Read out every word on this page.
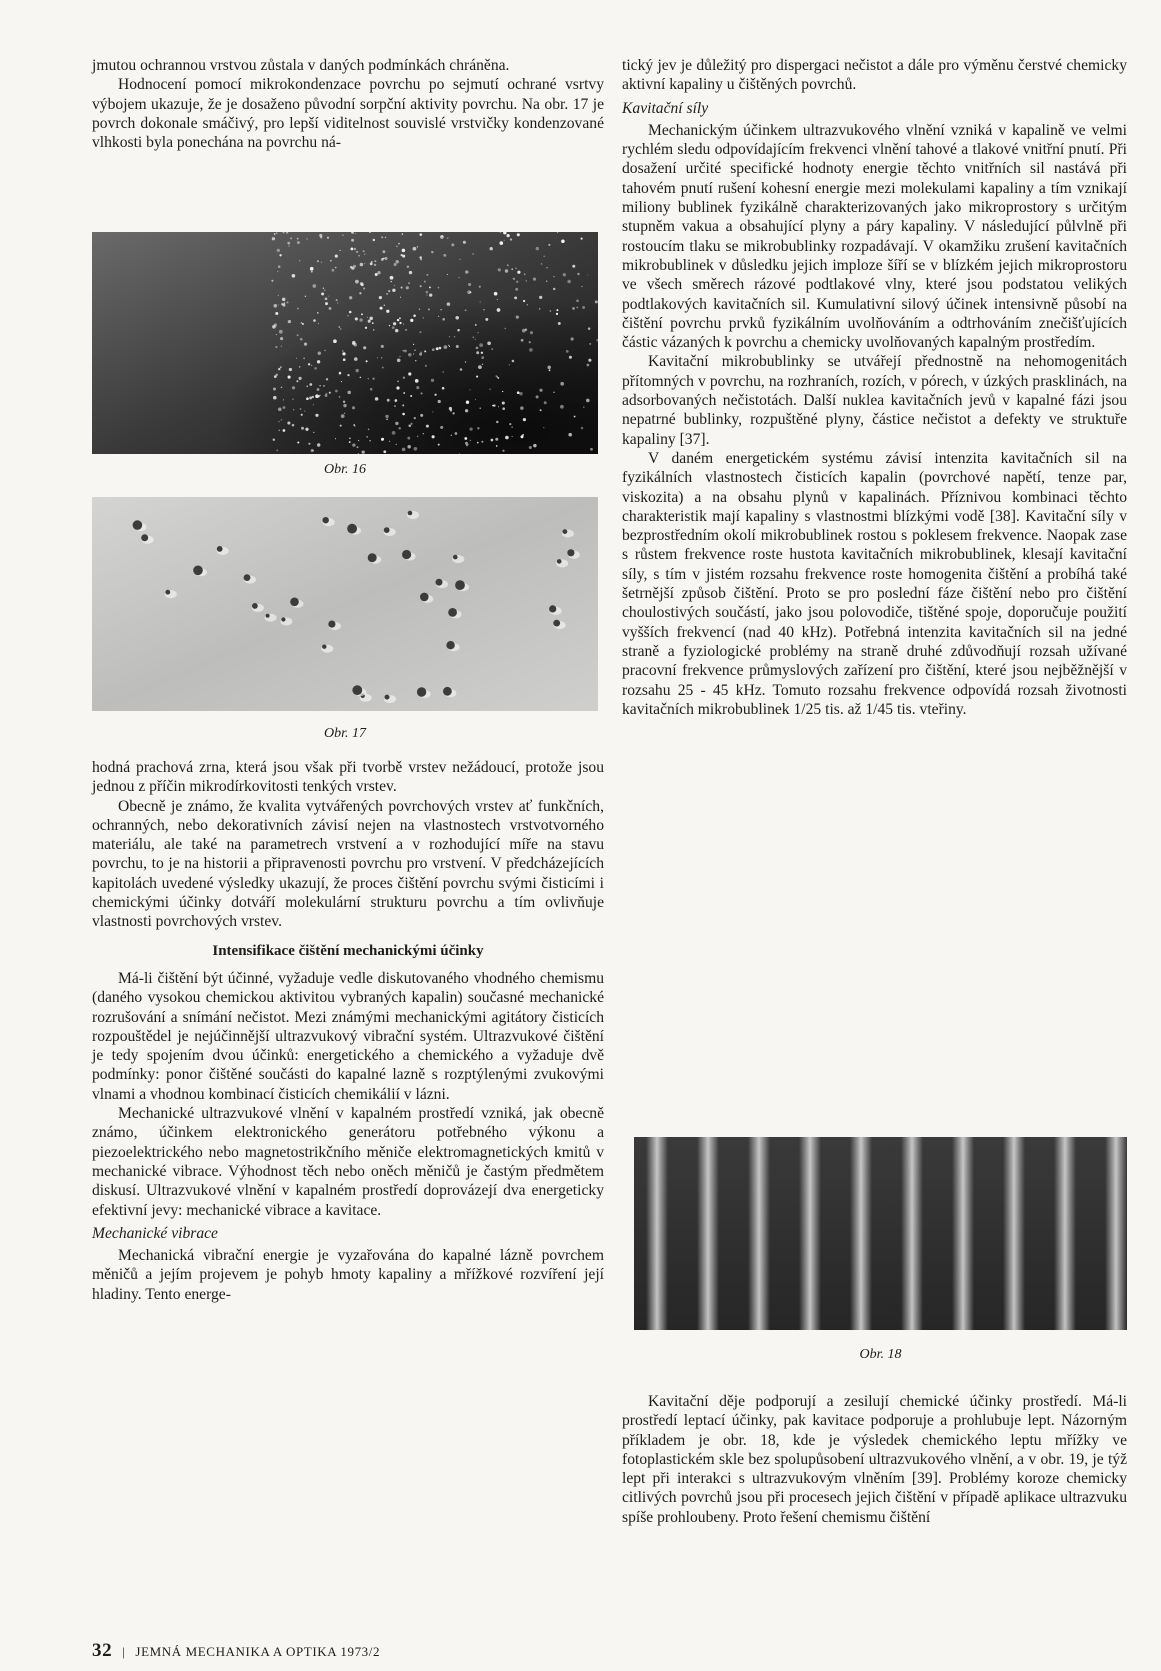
jmutou ochrannou vrstvou zůstala v daných podmínkách chráněna.

Hodnocení pomocí mikrokondenzace povrchu po sejmutí ochrané vsrtvy výbojem ukazuje, že je dosaženo původní sorpční aktivity povrchu. Na obr. 17 je povrch dokonale smáčivý, pro lepší viditelnost souvislé vrstvičky kondenzované vlhkosti byla ponechána na povrchu ná-

Obr. 16
Obr. 17

hodná prachová zrna, která jsou však při tvorbě vrstev nežádoucí, protože jsou jednou z příčin mikrodírkovitosti tenkých vrstev.

Obecně je známo, že kvalita vytvářených povrchových vrstev ať funkčních, ochranných, nebo dekorativních závisí nejen na vlastnostech vrstvotvorného materiálu, ale také na parametrech vrstvení a v rozhodující míře na stavu povrchu, to je na historii a připravenosti povrchu pro vrstvení. V předcházejících kapitolách uvedené výsledky ukazují, že proces čištění povrchu svými čisticími i chemickými účinky dotváří molekulární strukturu povrchu a tím ovlivňuje vlastnosti povrchových vrstev.

Intensifikace čištění mechanickými účinky

Má-li čištění být účinné, vyžaduje vedle diskutovaného vhodného chemismu (daného vysokou chemickou aktivitou vybraných kapalin) současné mechanické rozrušování a snímání nečistot. Mezi známými mechanickými agitátory čisticích rozpouštědel je nejúčinnější ultrazvukový vibrační systém. Ultrazvukové čištění je tedy spojením dvou účinků: energetického a chemického a vyžaduje dvě podmínky: ponor čištěné součásti do kapalné lazně s rozptýlenými zvukovými vlnami a vhodnou kombinací čisticích chemikálií v lázni.

Mechanické ultrazvukové vlnění v kapalném prostředí vzniká, jak obecně známo, účinkem elektronického generátoru potřebného výkonu a piezoelektrického nebo magnetostrikčního měniče elektromagnetických kmitů v mechanické vibrace. Výhodnost těch nebo oněch měničů je častým předmětem diskusí. Ultrazvukové vlnění v kapalném prostředí doprovázejí dva energeticky efektivní jevy: mechanické vibrace a kavitace.

Mechanické vibrace

Mechanická vibrační energie je vyzařována do kapalné lázně povrchem měničů a jejím projevem je pohyb hmoty kapaliny a mřížkové rozvíření její hladiny. Tento energe-

tický jev je důležitý pro dispergaci nečistot a dále pro výměnu čerstvé chemicky aktivní kapaliny u čištěných povrchů.

Kavitační síly

Mechanickým účinkem ultrazvukového vlnění vzniká v kapalině ve velmi rychlém sledu odpovídajícím frekvenci vlnění tahové a tlakové vnitřní pnutí. Při dosažení určité specifické hodnoty energie těchto vnitřních sil nastává při tahovém pnutí rušení kohesní energie mezi molekulami kapaliny a tím vznikají miliony bublinek fyzikálně charakterizovaných jako mikroprostory s určitým stupněm vakua a obsahující plyny a páry kapaliny. V následující půlvlně při rostoucím tlaku se mikrobublinky rozpadávají. V okamžiku zrušení kavitačních mikrobublinek v důsledku jejich imploze šíří se v blízkém jejich mikroprostoru ve všech směrech rázové podtlakové vlny, které jsou podstatou velikých podtlakových kavitačních sil. Kumulativní silový účinek intensivně působí na čištění povrchu prvků fyzikálním uvolňováním a odtrhováním znečišťujících částic vázaných k povrchu a chemicky uvolňovaných kapalným prostředím.

Kavitační mikrobublinky se utvářejí přednostně na nehomogenitách přítomných v povrchu, na rozhraních, rozích, v pórech, v úzkých prasklinách, na adsorbovaných nečistotách. Další nuklea kavitačních jevů v kapalné fázi jsou nepatrné bublinky, rozpuštěné plyny, částice nečistot a defekty ve struktuře kapaliny [37].

V daném energetickém systému závisí intenzita kavitačních sil na fyzikálních vlastnostech čisticích kapalin (povrchové napětí, tenze par, viskozita) a na obsahu plynů v kapalinách. Příznivou kombinaci těchto charakteristik mají kapaliny s vlastnostmi blízkými vodě [38]. Kavitační síly v bezprostředním okolí mikrobublinek rostou s poklesem frekvence. Naopak zase s růstem frekvence roste hustota kavitačních mikrobublinek, klesají kavitační síly, s tím v jistém rozsahu frekvence roste homogenita čištění a probíhá také šetrnější způsob čištění. Proto se pro poslední fáze čištění nebo pro čištění choulostivých součástí, jako jsou polovodiče, tištěné spoje, doporučuje použití vyšších frekvencí (nad 40 kHz). Potřebná intenzita kavitačních sil na jedné straně a fyziologické problémy na straně druhé zdůvodňují rozsah užívané pracovní frekvence průmyslových zařízení pro čištění, které jsou nejběžnější v rozsahu 25 - 45 kHz. Tomuto rozsahu frekvence odpovídá rozsah životnosti kavitačních mikrobublinek 1/25 tis. až 1/45 tis. vteřiny.

Obr. 18

Kavitační děje podporují a zesilují chemické účinky prostředí. Má-li prostředí leptací účinky, pak kavitace podporuje a prohlubuje lept. Názorným příkladem je obr. 18, kde je výsledek chemického leptu mřížky ve fotoplastickém skle bez spolupůsobení ultrazvukového vlnění, a v obr. 19, je týž lept při interakci s ultrazvukovým vlněním [39]. Problémy koroze chemicky citlivých povrchů jsou při procesech jejich čištění v případě aplikace ultrazvuku spíše prohloubeny. Proto řešení chemismu čištění

32 | JEMNÁ MECHANIKA A OPTIKA 1973/2
